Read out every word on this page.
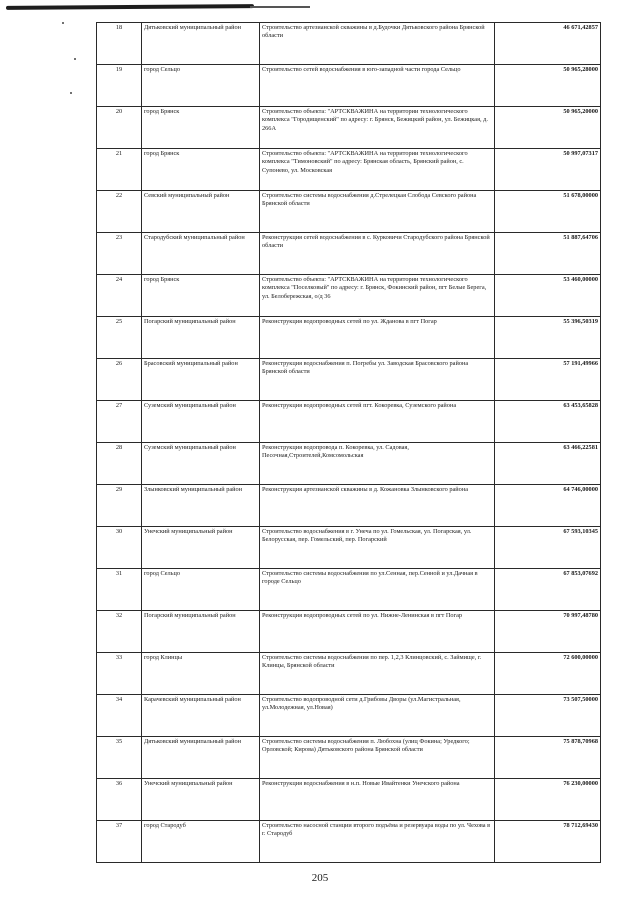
18	Дятьковский муниципальный район	Строительство артезианской скважины в д.Будочки Дятьковского района Брянской области	46 671,42857
19	город Сельцо	Строительство сетей водоснабжения в юго-западной части города Сельцо	50 965,28000
20	город Брянск	Строительство объекта: "АРТСКВАЖИНА на территории технологического комплекса "Городищенский" по адресу: г. Брянск, Бежицкий район, ул. Бежицкая, д. 266А	50 965,20000
21	город Брянск	Строительство объекта: "АРТСКВАЖИНА на территории технологического комплекса "Тимоновский" по адресу: Брянская область, Брянский район, с. Супонево, ул. Московская	50 997,07317
22	Севский муниципальный район	Строительство системы водоснабжения д.Стрелецкая Слобода Севского района Брянской области	51 678,00000
23	Стародубский муниципальный район	Реконструкция сетей водоснабжения в с. Курковичи Стародубского района Брянской области	51 887,64706
24	город Брянск	Строительство объекта: "АРТСКВАЖИНА на территории технологического комплекса "Поселковый" по адресу: г. Брянск, Фокинский район, пгт Белые Берега, ул. Белобережская, о/д 36	53 460,00000
25	Погарский муниципальный район	Реконструкция водопроводных сетей по ул. Жданова в пгт Погар	55 396,50319
26	Брасовский муниципальный район	Реконструкция водоснабжения п. Погребы ул. Заводская Брасовского района Брянской области	57 191,49966
27	Суземский муниципальный район	Реконструкция водопроводных сетей пгт. Кокоревка, Суземского района	63 453,65828
28	Суземский муниципальный район	Реконструкция водопровода п. Кокоревка, ул. Садовая, Песочная,Строителей,Комсомольская	63 466,22581
29	Злынковский муниципальный район	Реконструкция артезианской скважины в д. Кожановка Злынковского района	64 746,00000
30	Унечский муниципальный район	Строительство водоснабжения в г. Унеча по ул. Гомельская, ул. Погарская, ул. Белорусская, пер. Гомельский, пер. Погарский	67 593,10345
31	город Сельцо	Строительство системы водоснабжения по ул.Сенная, пер.Сенной и ул.Дачная в городе Сельцо	67 853,07692
32	Погарский муниципальный район	Реконструкция водопроводных сетей по ул. Нижне-Ленинская в пгт Погар	70 997,48780
33	город Клинцы	Строительство системы водоснабжения по пер. 1,2,3 Клинцовский, с. Займище, г. Клинцы, Брянской области	72 600,00000
34	Карачевский муниципальный район	Строительство водопроводной сети д.Грибовы Дворы (ул.Магистральная, ул.Молодежная, ул.Новая)	73 507,50000
35	Дятьковский муниципальный район	Строительство системы водоснабжения п. Любохна (улиц Фокина; Уредкого; Орловской; Кирова) Дятьковского района Брянской области	75 878,70968
36	Унечский муниципальный район	Реконструкция водоснабжения в н.п. Новые Ивайтенки Унечского района	76 230,00000
37	город Стародуб	Строительство насосной станции второго подъёма и резервуара воды по ул. Чехова в г. Стародуб	78 712,69430
205
